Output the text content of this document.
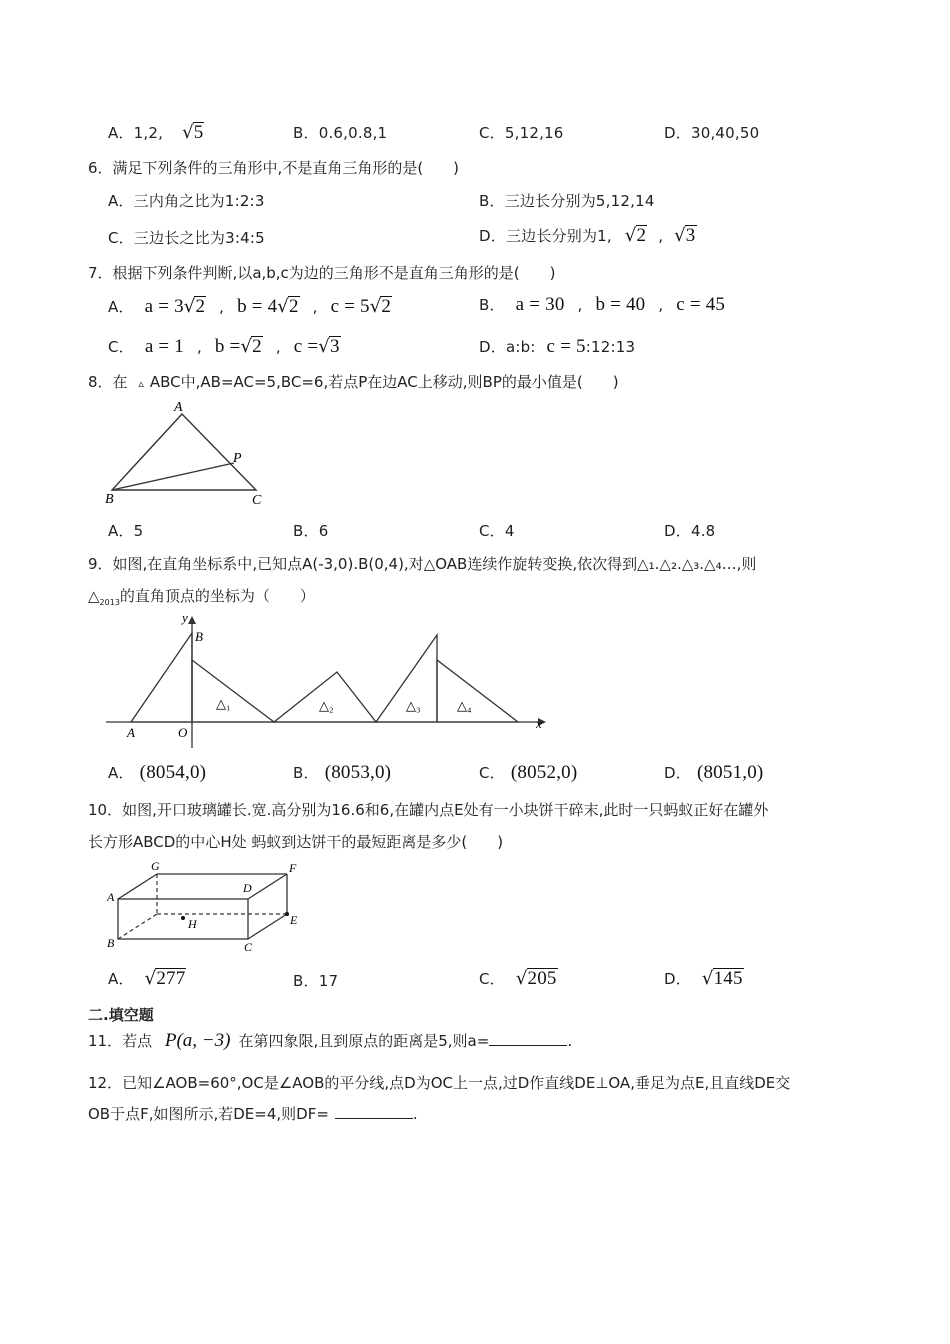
A．1,2, √5	B．0.6,0.8,1	C．5,12,16	D．30,40,50
6．满足下列条件的三角形中,不是直角三角形的是(　　)
A．三内角之比为1:2:3	B．三边长分别为5,12,14
C．三边长之比为3:4:5	D．三边长分别为1, √2 , √3
7．根据下列条件判断,以a,b,c为边的三角形不是直角三角形的是(　　)
A． a = 3√2 , b = 4√2 , c = 5√2	B． a = 30 , b = 40 , c = 45
C． a = 1 , b =√2 , c =√3	D．a:b: c = 5:12:13
8．在 ▵ ABC中,AB=AC=5,BC=6,若点P在边AC上移动,则BP的最小值是(　　)
A
B	C
P
A．5	B．6	C．4	D．4.8
9．如图,在直角坐标系中,已知点A(-3,0).B(0,4),对△OAB连续作旋转变换,依次得到△₁.△₂.△₃.△₄…,则
$\triangle_{2013}$的直角顶点的坐标为（　　）
y
x
A	O
B
△₁	△₂	△₃	△₄
A． (8054,0)	B． (8053,0)	C． (8052,0)	D． (8051,0)
10．如图,开口玻璃罐长.宽.高分别为16.6和6,在罐内点E处有一小块饼干碎末,此时一只蚂蚁正好在罐外
长方形ABCD的中心H处 蚂蚁到达饼干的最短距离是多少(　　)
G	F
A
D
H	E
B	C
A． √277	B．17	C． √205	D． √145
二.填空题
11．若点 P(a, −3) 在第四象限,且到原点的距离是5,则a=	.
12．已知∠AOB=60°,OC是∠AOB的平分线,点D为OC上一点,过D作直线DE⊥OA,垂足为点E,且直线DE交
OB于点F,如图所示,若DE=4,则DF=	.
